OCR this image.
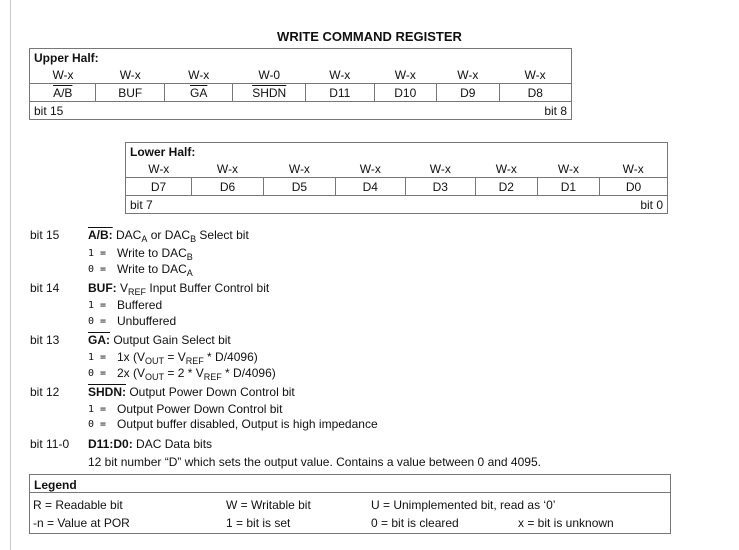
WRITE COMMAND REGISTER
Upper Half:							
W-x	W-x	W-x	W-0	W-x	W-x	W-x	W-x
A/B	BUF	$\overline{GA}$	SHDN	D11	D10	D9	D8
bit 15 bit 8							
Lower Half:							
W-x	W-x	W-x	W-x	W-x	W-x	W-x	W-x
D7	D6	D5	D4	D3	D2	D1	D0
bit 7 bit 0							
bit 15 A/B: $DAC_A$ or $DAC_B$ Select bit
1 = Write to $DAC_B$
0 = Write to $DAC_A$
bit 14 BUF: $V_{REF}$ Input Buffer Control bit
1 = Buffered
0 = Unbuffered
bit 13 GA: Output Gain Select bit
1 = 1x $(V_{OUT} = V_{REF} * D/4096)$
0 = 2x $(V_{OUT} = 2 * V_{REF} * D/4096)$
bit 12 SHDN: Output Power Down Control bit
1 = Output Power Down Control bit
0 = Output buffer disabled, Output is high impedance
bit 11-0 D11:D0: DAC Data bits
12 bit number “D” which sets the output value. Contains a value between 0 and 4095.
Legend
R = Readable bit	W = Writable bit	U = Unimplemented bit, read as ‘0’
-n = Value at POR	1 = bit is set	0 = bit is cleared	x = bit is unknown
